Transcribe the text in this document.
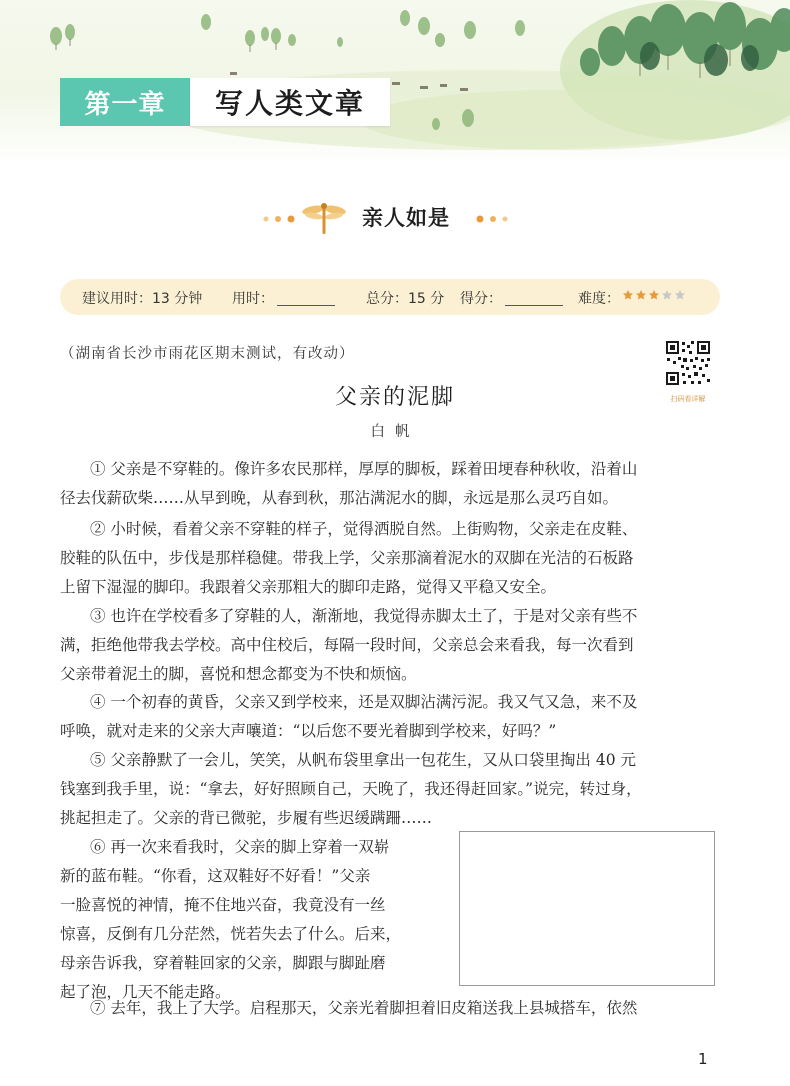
第一章	写人类文章
亲人如是
建议用时：13 分钟 用时：	总分：15 分 得分：	难度：
（湖南省长沙市雨花区期末测试，有改动）
扫码看详解
父亲的泥脚
白帆
① 父亲是不穿鞋的。像许多农民那样，厚厚的脚板，踩着田埂春种秋收，沿着山
径去伐薪砍柴……从早到晚，从春到秋，那沾满泥水的脚，永远是那么灵巧自如。
② 小时候，看着父亲不穿鞋的样子，觉得洒脱自然。上街购物，父亲走在皮鞋、
胶鞋的队伍中，步伐是那样稳健。带我上学，父亲那滴着泥水的双脚在光洁的石板路
上留下湿湿的脚印。我跟着父亲那粗大的脚印走路，觉得又平稳又安全。
③ 也许在学校看多了穿鞋的人，渐渐地，我觉得赤脚太土了，于是对父亲有些不
满，拒绝他带我去学校。高中住校后，每隔一段时间，父亲总会来看我，每一次看到
父亲带着泥土的脚，喜悦和想念都变为不快和烦恼。
④ 一个初春的黄昏，父亲又到学校来，还是双脚沾满污泥。我又气又急，来不及
呼唤，就对走来的父亲大声嚷道：“以后您不要光着脚到学校来，好吗？”
⑤ 父亲静默了一会儿，笑笑，从帆布袋里拿出一包花生，又从口袋里掏出 40 元
钱塞到我手里，说：“拿去，好好照顾自己，天晚了，我还得赶回家。”说完，转过身，
挑起担走了。父亲的背已微驼，步履有些迟缓蹒跚……
⑥ 再一次来看我时，父亲的脚上穿着一双崭
新的蓝布鞋。“你看，这双鞋好不好看！”父亲
一脸喜悦的神情，掩不住地兴奋，我竟没有一丝
惊喜，反倒有几分茫然，恍若失去了什么。后来，
母亲告诉我，穿着鞋回家的父亲，脚跟与脚趾磨
起了泡，几天不能走路。
⑦ 去年，我上了大学。启程那天，父亲光着脚担着旧皮箱送我上县城搭车，依然
1
